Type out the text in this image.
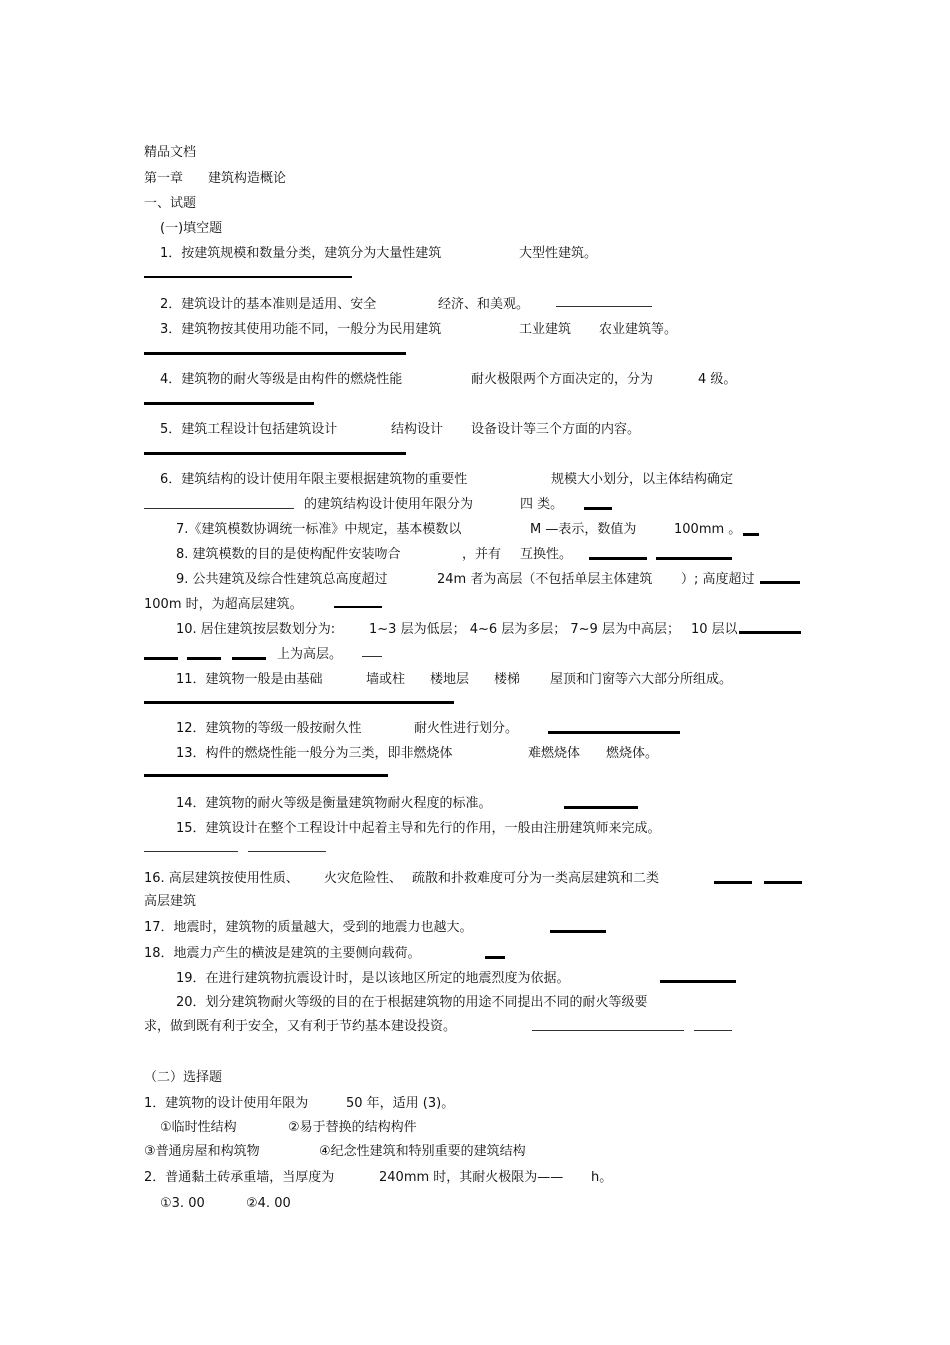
精品文档
第一章 建筑构造概论
一、试题
(一)填空题
1．按建筑规模和数量分类，建筑分为大量性建筑	大型性建筑。
2．建筑设计的基本准则是适用、安全	经济、和美观。
3．建筑物按其使用功能不同，一般分为民用建筑	工业建筑 农业建筑等。
4．建筑物的耐火等级是由构件的燃烧性能	耐火极限两个方面决定的，分为	4 级。
5．建筑工程设计包括建筑设计	结构设计 设备设计等三个方面的内容。
6．建筑结构的设计使用年限主要根据建筑物的重要性	规模大小划分，以主体结构确定
的建筑结构设计使用年限分为	四 类。
7.《建筑模数协调统一标准》中规定，基本模数以	M —表示，数值为	100mm 。
8. 建筑模数的目的是使构配件安装吻合	，并有 互换性。
9. 公共建筑及综合性建筑总高度超过	24m 者为高层（不包括单层主体建筑 ）; 高度超过
100m 时，为超高层建筑。
10. 居住建筑按层数划分为:	1~3 层为低层； 4~6 层为多层； 7~9 层为中高层； 10 层以
上为高层。
11．建筑物一般是由基础	墙或柱 楼地层 楼梯 屋顶和门窗等六大部分所组成。
12．建筑物的等级一般按耐久性	耐火性进行划分。
13．构件的燃烧性能一般分为三类，即非燃烧体	难燃烧体 燃烧体。
14．建筑物的耐火等级是衡量建筑物耐火程度的标准。
15．建筑设计在整个工程设计中起着主导和先行的作用，一般由注册建筑师来完成。
16. 高层建筑按使用性质、 火灾危险性、 疏散和扑救难度可分为一类高层建筑和二类
高层建筑
17．地震时，建筑物的质量越大，受到的地震力也越大。
18．地震力产生的横波是建筑的主要侧向载荷。
19．在进行建筑物抗震设计时，是以该地区所定的地震烈度为依据。
20．划分建筑物耐火等级的目的在于根据建筑物的用途不同提出不同的耐火等级要
求，做到既有利于安全，又有利于节约基本建设投资。
（二）选择题
1．建筑物的设计使用年限为	50 年，适用 (3)。
①临时性结构	②易于替换的结构构件
③普通房屋和构筑物	④纪念性建筑和特别重要的建筑结构
2．普通黏土砖承重墙，当厚度为	240mm 时，其耐火极限为—— h。
①3. 00	②4. 00
